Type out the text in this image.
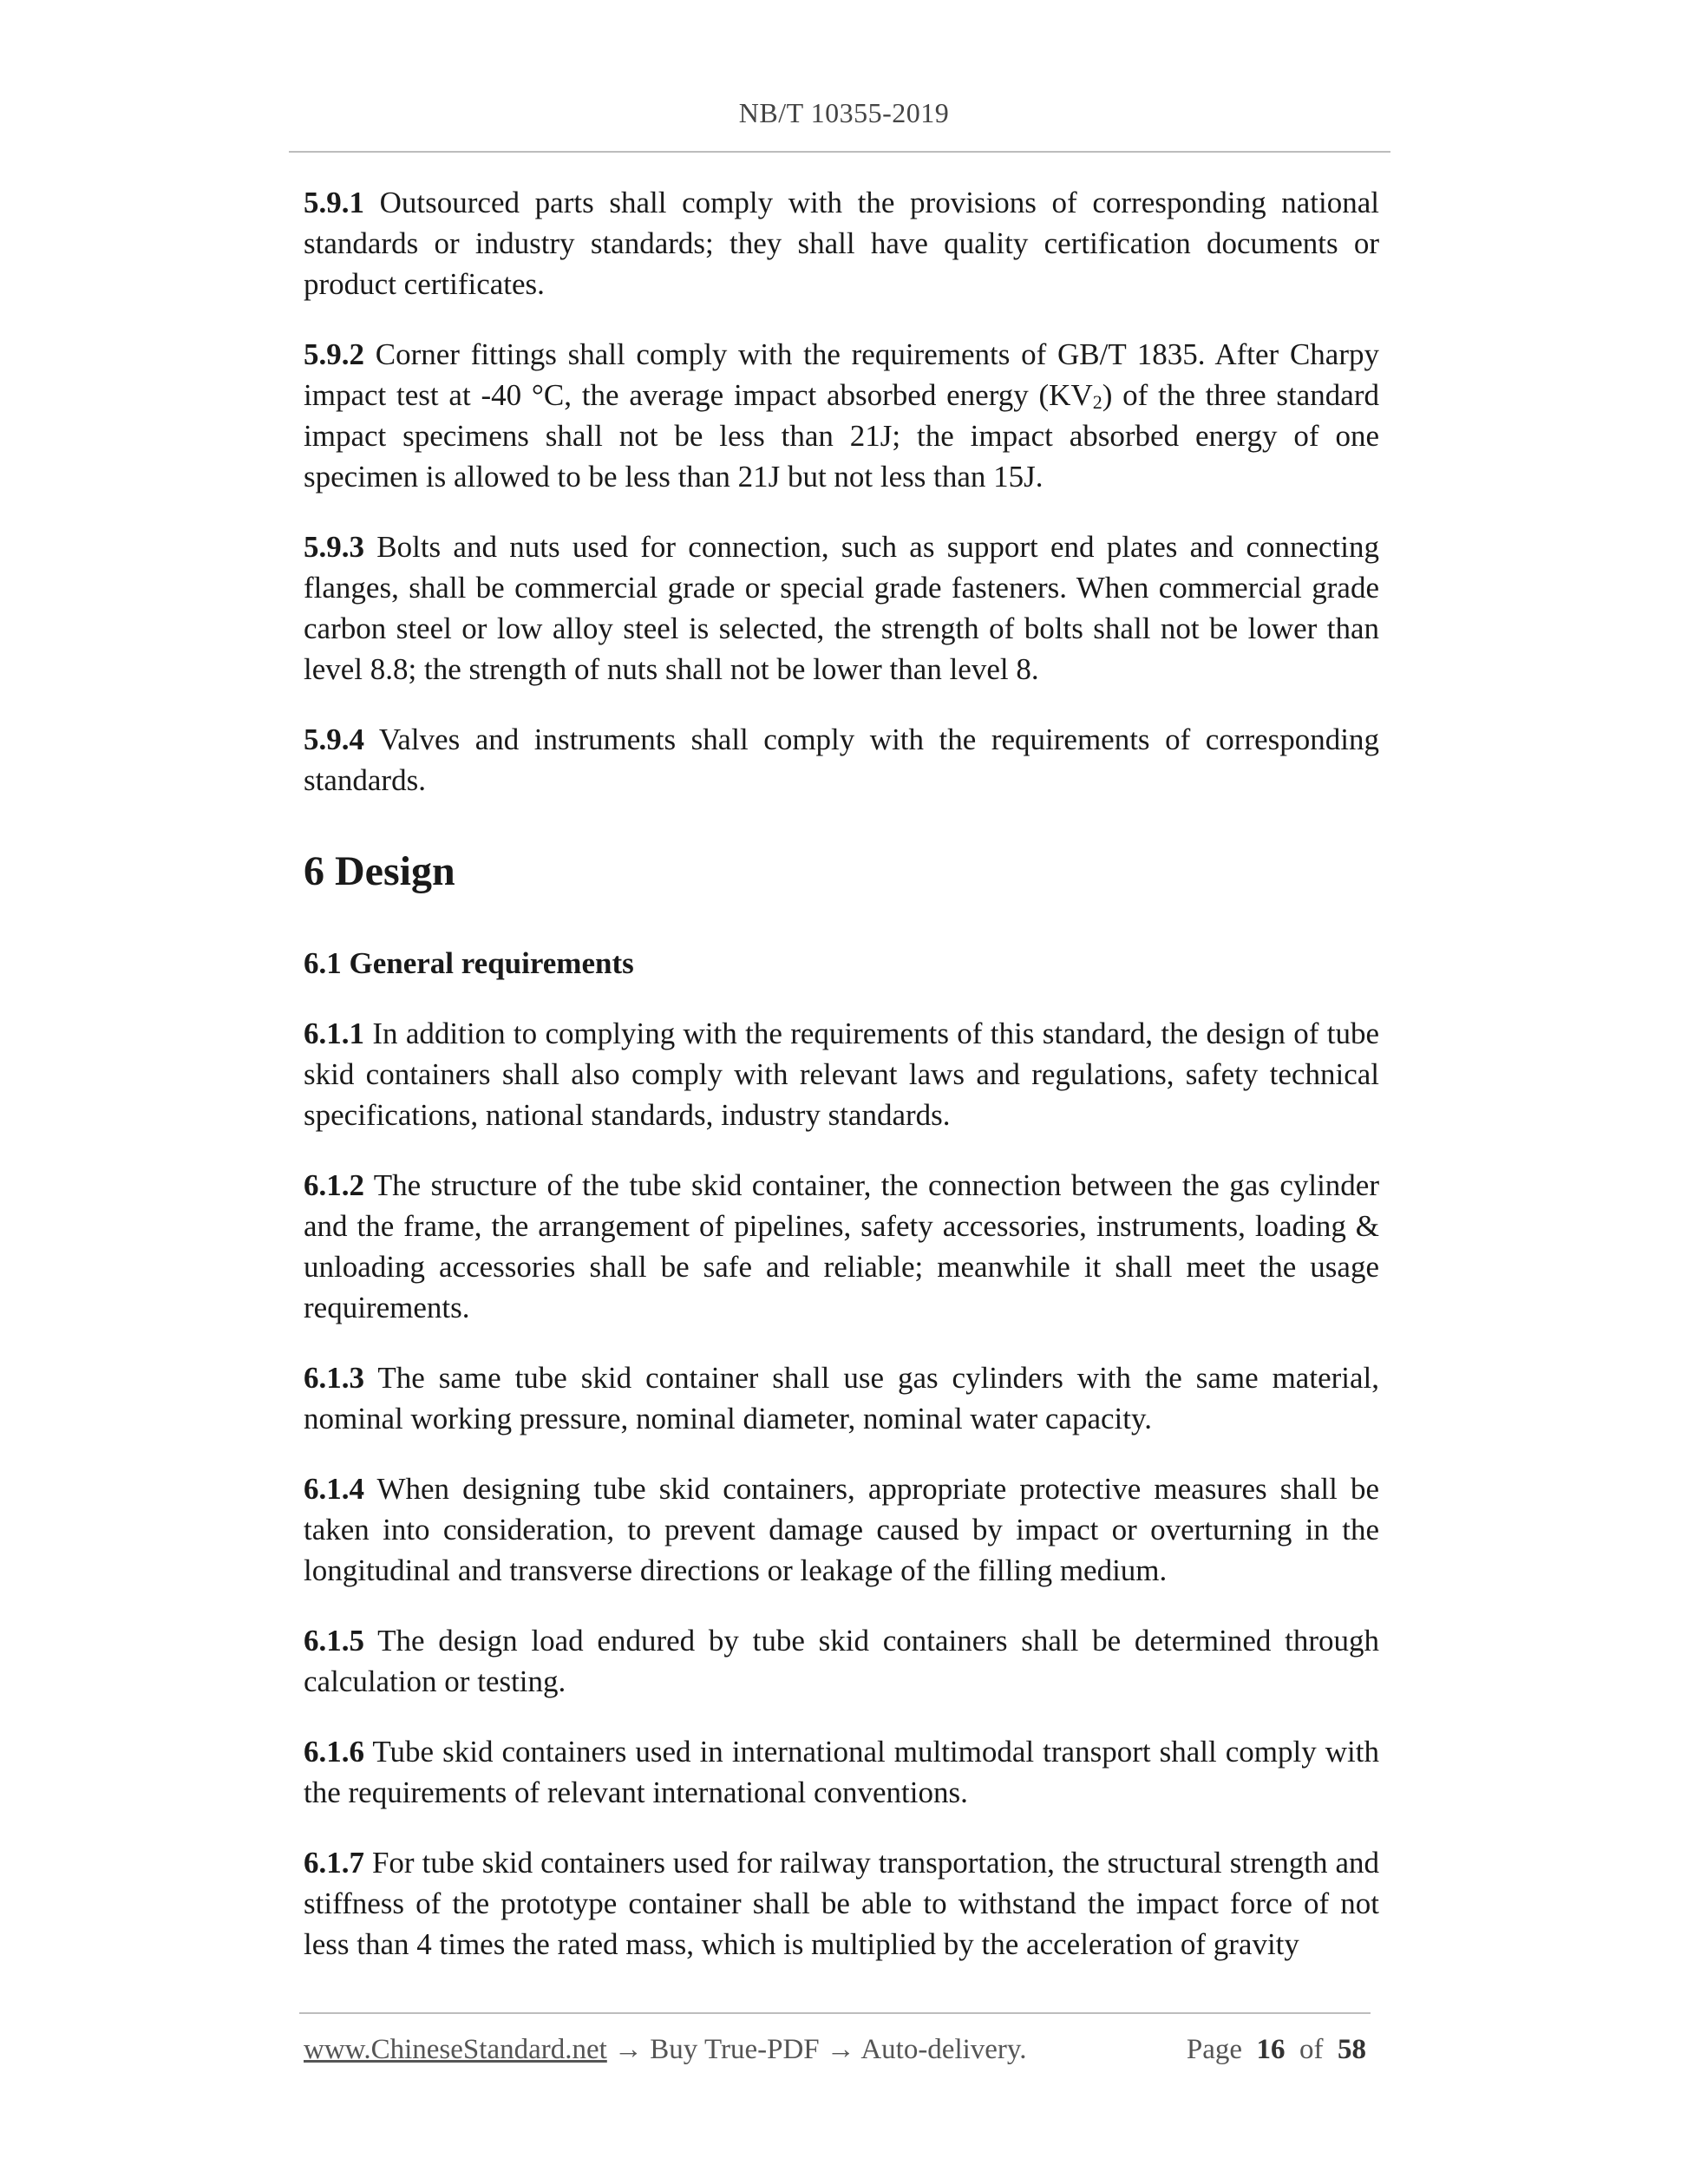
NB/T 10355-2019

5.9.1 Outsourced parts shall comply with the provisions of corresponding national standards or industry standards; they shall have quality certification documents or product certificates.

5.9.2 Corner fittings shall comply with the requirements of GB/T 1835. After Charpy impact test at -40 °C, the average impact absorbed energy $(KV_2)$ of the three standard impact specimens shall not be less than 21J; the impact absorbed energy of one specimen is allowed to be less than 21J but not less than 15J.

5.9.3 Bolts and nuts used for connection, such as support end plates and connecting flanges, shall be commercial grade or special grade fasteners. When commercial grade carbon steel or low alloy steel is selected, the strength of bolts shall not be lower than level 8.8; the strength of nuts shall not be lower than level 8.

5.9.4 Valves and instruments shall comply with the requirements of corresponding standards.

6 Design
6.1 General requirements

6.1.1 In addition to complying with the requirements of this standard, the design of tube skid containers shall also comply with relevant laws and regulations, safety technical specifications, national standards, industry standards.

6.1.2 The structure of the tube skid container, the connection between the gas cylinder and the frame, the arrangement of pipelines, safety accessories, instruments, loading & unloading accessories shall be safe and reliable; meanwhile it shall meet the usage requirements.

6.1.3 The same tube skid container shall use gas cylinders with the same material, nominal working pressure, nominal diameter, nominal water capacity.

6.1.4 When designing tube skid containers, appropriate protective measures shall be taken into consideration, to prevent damage caused by impact or overturning in the longitudinal and transverse directions or leakage of the filling medium.

6.1.5 The design load endured by tube skid containers shall be determined through calculation or testing.

6.1.6 Tube skid containers used in international multimodal transport shall comply with the requirements of relevant international conventions.

6.1.7 For tube skid containers used for railway transportation, the structural strength and stiffness of the prototype container shall be able to withstand the impact force of not less than 4 times the rated mass, which is multiplied by the acceleration of gravity

www.ChineseStandard.net → Buy True-PDF → Auto-delivery.	Page 16 of 58
